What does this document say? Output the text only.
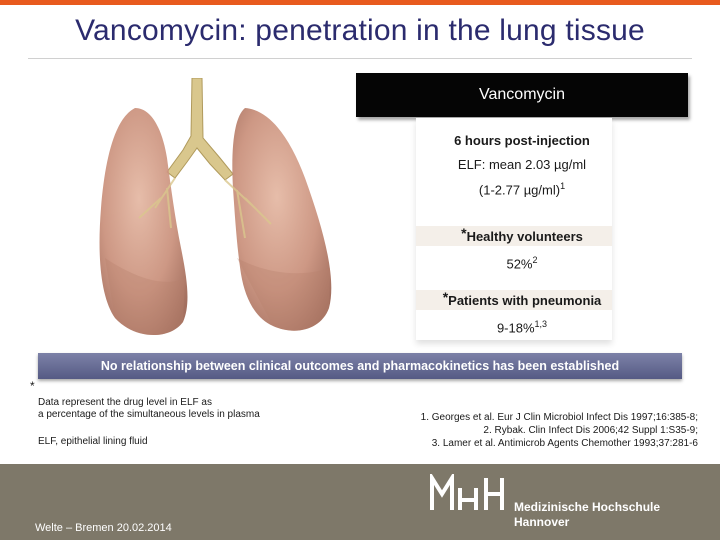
Vancomycin: penetration in the lung tissue
Vancomycin
6 hours post-injection
ELF: mean 2.03 µg/ml
(1-2.77 µg/ml)$^1$
*Healthy volunteers
52%$^2$
*Patients with pneumonia
9-18%$^{1,3}$
No relationship between clinical outcomes and pharmacokinetics has been established
*
Data represent the drug level in ELF as
a percentage of the simultaneous levels in plasma
ELF, epithelial lining fluid
1. Georges et al. Eur J Clin Microbiol Infect Dis 1997;16:385-8;
2. Rybak. Clin Infect Dis 2006;42 Suppl 1:S35-9;
3. Lamer et al. Antimicrob Agents Chemother 1993;37:281-6
Medizinische Hochschule
Hannover
Welte – Bremen 20.02.2014
